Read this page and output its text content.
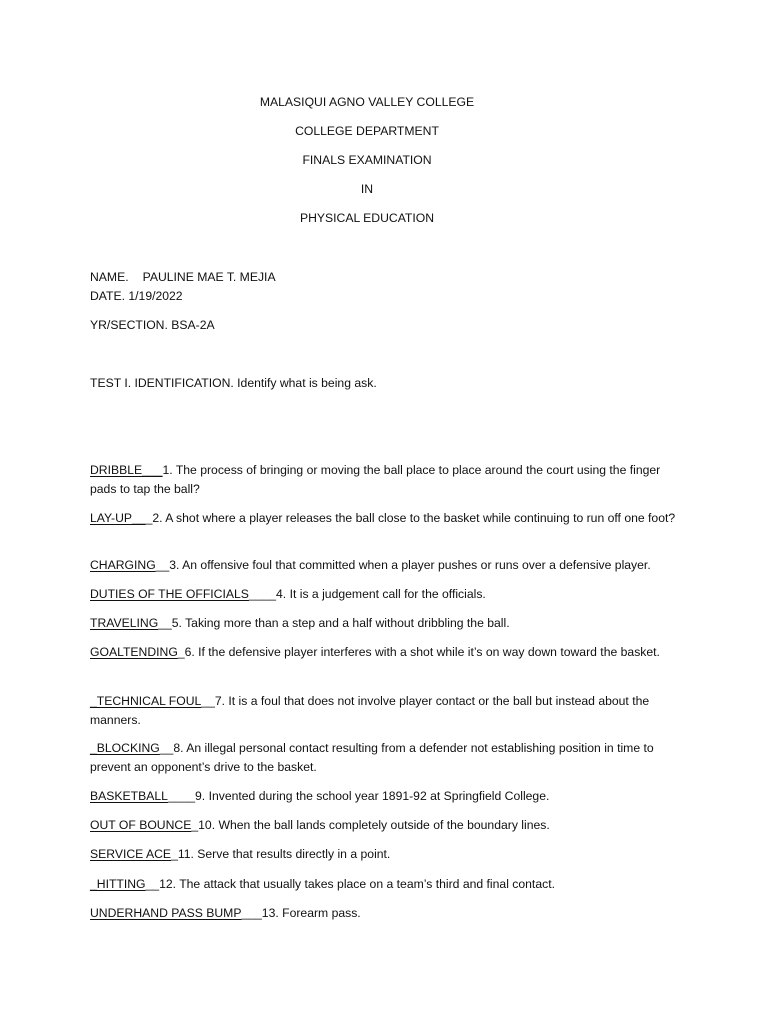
MALASIQUI AGNO VALLEY COLLEGE
COLLEGE DEPARTMENT
FINALS EXAMINATION
IN
PHYSICAL EDUCATION
NAME. PAULINE MAE T. MEJIA
DATE. 1/19/2022
YR/SECTION. BSA-2A
TEST I. IDENTIFICATION. Identify what is being ask.
DRIBBLE___1. The process of bringing or moving the ball place to place around the court using the finger pads to tap the ball?
LAY-UP___2. A shot where a player releases the ball close to the basket while continuing to run off one foot?
CHARGING__3. An offensive foul that committed when a player pushes or runs over a defensive player.
DUTIES OF THE OFFICIALS____4. It is a judgement call for the officials.
TRAVELING__5. Taking more than a step and a half without dribbling the ball.
GOALTENDING_6. If the defensive player interferes with a shot while it’s on way down toward the basket.
_TECHNICAL FOUL__7. It is a foul that does not involve player contact or the ball but instead about the manners.
_BLOCKING__8. An illegal personal contact resulting from a defender not establishing position in time to prevent an opponent’s drive to the basket.
BASKETBALL____9. Invented during the school year 1891-92 at Springfield College.
OUT OF BOUNCE_10. When the ball lands completely outside of the boundary lines.
SERVICE ACE_11. Serve that results directly in a point.
_HITTING__12. The attack that usually takes place on a team’s third and final contact.
UNDERHAND PASS BUMP___13. Forearm pass.
